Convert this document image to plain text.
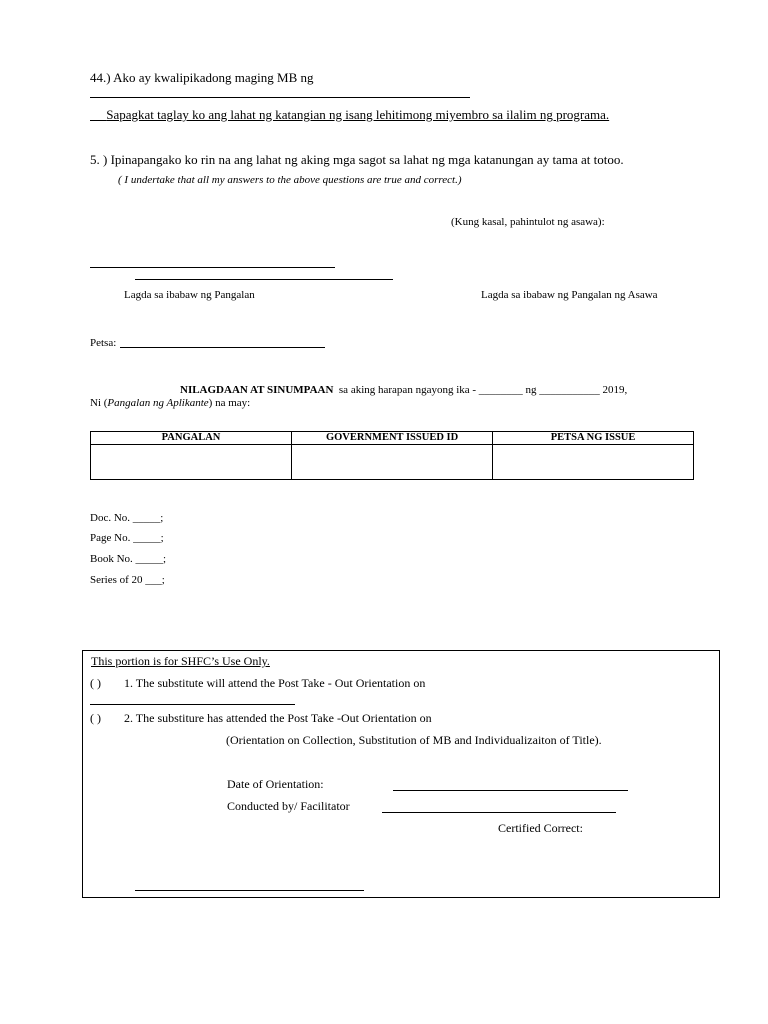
44.) Ako ay kwalipikadong maging MB ng
Sapagkat taglay ko ang lahat ng katangian ng isang lehitimong miyembro sa ilalim ng programa.
5. ) Ipinapangako ko rin na ang lahat ng aking mga sagot sa lahat ng mga katanungan ay tama at totoo.
( I undertake that all my answers to the above questions are true and correct.)
(Kung kasal, pahintulot ng asawa):
Lagda sa ibabaw ng Pangalan	Lagda sa ibabaw ng Pangalan ng Asawa
Petsa:
NILAGDAAN AT SINUMPAAN sa aking harapan ngayong ika - ________ ng ___________ 2019,
Ni (Pangalan ng Aplikante) na may:
PANGALAN	GOVERNMENT ISSUED ID	PETSA NG ISSUE

Doc. No. _____;
Page No. _____;
Book No. _____;
Series of 20 ___;
This portion is for SHFC’s Use Only.
( ) 1. The substitute will attend the Post Take - Out Orientation on
( ) 2. The substiture has attended the Post Take -Out Orientation on
(Orientation on Collection, Substitution of MB and Individualizaiton of Title).
Date of Orientation:
Conducted by/ Facilitator
Certified Correct:
